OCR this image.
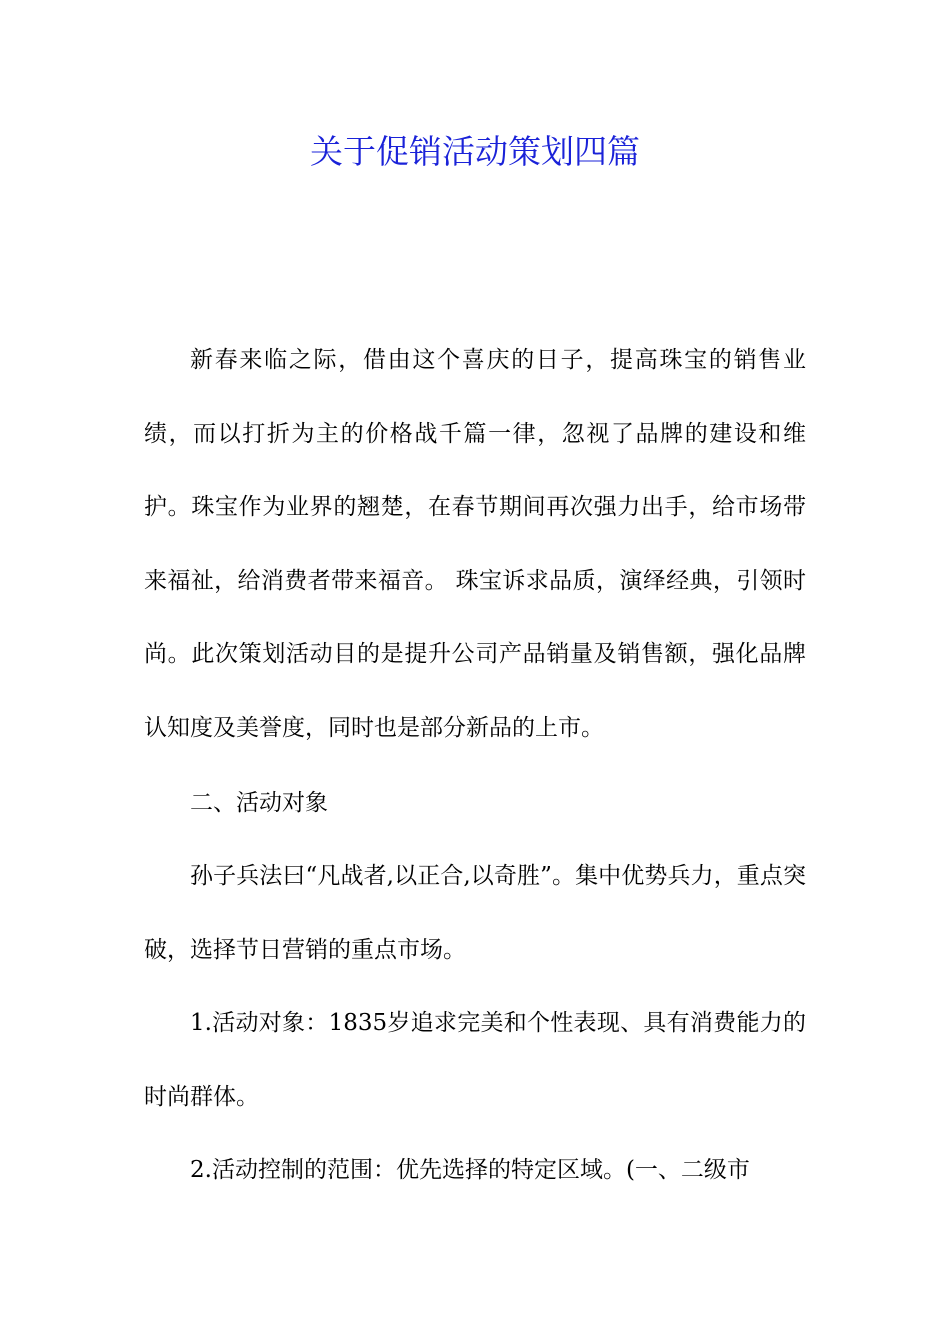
关于促销活动策划四篇

新春来临之际，借由这个喜庆的日子，提高珠宝的销售业绩，而以打折为主的价格战千篇一律，忽视了品牌的建设和维护。珠宝作为业界的翘楚，在春节期间再次强力出手，给市场带来福祉，给消费者带来福音。 珠宝诉求品质，演绎经典，引领时尚。此次策划活动目的是提升公司产品销量及销售额，强化品牌认知度及美誉度，同时也是部分新品的上市。

二、活动对象

孙子兵法曰“凡战者,以正合,以奇胜”。集中优势兵力，重点突破，选择节日营销的重点市场。

1.活动对象：1835岁追求完美和个性表现、具有消费能力的时尚群体。

2.活动控制的范围：优先选择的特定区域。(一、二级市
